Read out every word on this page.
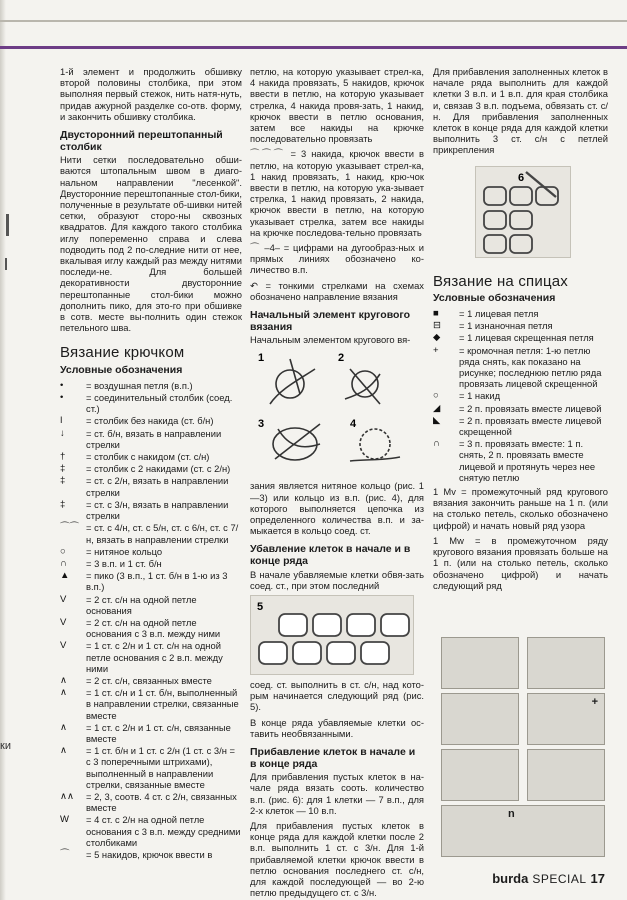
ки

1-й элемент и продолжить обшивку второй половины столбика, при этом выполняя первый стежок, нить натя-нуть, придав ажурной разделке со-отв. форму, и закончить обшивку столбика.

Двусторонний перештопанный столбик

Нити сетки последовательно обши-ваются штопальным швом в диаго-нальном направлении "лесенкой". Двусторонние перештопанные стол-бики, полученные в результате об-шивки нитей сетки, образуют сторо-ны сквозных квадратов. Для каждого такого столбика иглу попеременно справа и слева подводить под 2 по-следние нити от нее, вкалывая иглу каждый раз между нитями последи-не. Для большей декоративности двусторонние перештопанные стол-бики можно дополнить пико, для это-го при обшивке в сотв. месте вы-полнить один стежок петельного шва.

Вязание крючком
Условные обозначения
•	= воздушная петля (в.п.)
•	= соединительный столбик (соед. ст.)
ǀ	= столбик без накида (ст. б/н)
↓	= ст. б/н, вязать в направлении стрелки
†	= столбик с накидом (ст. с/н)
‡	= столбик с 2 накидами (ст. с 2/н)
‡	= ст. с 2/н, вязать в направлении стрелки
‡	= ст. с 3/н, вязать в направлении стрелки
⌒⌒ = ст. с 4/н, ст. с 5/н, ст. с 6/н, ст. с 7/н, вязать в направлении стрелки
○	= нитяное кольцо
∩	= 3 в.п. и 1 ст. б/н
▲	= пико (3 в.п., 1 ст. б/н в 1-ю из 3 в.п.)
V	= 2 ст. с/н на одной петле основания
V	= 2 ст. с/н на одной петле основания с 3 в.п. между ними
V	= 1 ст. с 2/н и 1 ст. с/н на одной петле основания с 2 в.п. между ними
∧	= 2 ст. с/н, связанных вместе
∧	= 1 ст. с/н и 1 ст. б/н, выполненный в направлении стрелки, связанные вместе
∧	= 1 ст. с 2/н и 1 ст. с/н, связанные вместе
∧	= 1 ст. б/н и 1 ст. с 2/н (1 ст. с 3/н = с 3 поперечными штрихами), выполненный в направлении стрелки, связанные вместе
∧∧	= 2, 3, соотв. 4 ст. с 2/н, связанных вместе
W	= 4 ст. с 2/н на одной петле основания с 3 в.п. между средними столбиками
⌒	= 5 накидов, крючок ввести в

петлю, на которую указывает стрел-ка, 4 накида провязать, 5 накидов, крючок ввести в петлю, на которую указывает стрелка, 4 накида провя-зать, 1 накид, крючок ввести в петлю основания, затем все накиды на крючке последовательно провязать

⌒⌒⌒ = 3 накида, крючок ввести в петлю, на которую указывает стрел-ка, 1 накид провязать, 1 накид, крю-чок ввести в петлю, на которую ука-зывает стрелка, 1 накид провязать, 2 накида, крючок ввести в петлю, на которую указывает стрелка, затем все накиды на крючке последова-тельно провязать

⌒ –4– = цифрами на дугообраз-ных и прямых линиях обозначено ко-личество в.п.

↶ = тонкими стрелками на схемах обозначено направление вязания

Начальный элемент кругового вязания

Начальным элементом кругового вя-

1	2
3	4

зания является нитяное кольцо (рис. 1—3) или кольцо из в.п. (рис. 4), для которого выполняется цепочка из определенного количества в.п. и за-мыкается в кольцо соед. ст.

Убавление клеток в начале и в конце ряда

В начале убавляемые клетки обвя-зать соед. ст., при этом последний

5

соед. ст. выполнить в ст. с/н, над кото-рым начинается следующий ряд (рис. 5).

В конце ряда убавляемые клетки ос-тавить необвязанными.

Прибавление клеток в начале и в конце ряда

Для прибавления пустых клеток в на-чале ряда вязать сооть. количество в.п. (рис. 6): для 1 клетки — 7 в.п., для 2-х клеток — 10 в.п.

Для прибавления пустых клеток в конце ряда для каждой клетки после 2 в.п. выполнить 1 ст. с 3/н. Для 1-й прибавляемой клетки крючок ввести в петлю основания последнего ст. с/н, для каждой последующей — во 2-ю петлю предыдущего ст. с 3/н.

Для прибавления заполненных клеток в начале ряда выполнить для каждой клетки 3 в.п. и 1 в.п. для края столбика и, связав 3 в.п. подъема, обвязать ст. с/н. Для прибавления заполненных клеток в конце ряда для каждой клетки выполнить 3 ст. с/н с петлей прикрепления

6
Вязание на спицах
Условные обозначения
■	= 1 лицевая петля
⊟	= 1 изнаночная петля
◆	= 1 лицевая скрещенная петля
+	= кромочная петля: 1-ю петлю ряда снять, как показано на рисунке; последнюю петлю ряда провязать лицевой скрещенной
○	= 1 накид
◢	= 2 п. провязать вместе лицевой
◣	= 2 п. провязать вместе лицевой скрещенной
∩	= 3 п. провязать вместе: 1 п. снять, 2 п. провязать вместе лицевой и протянуть через нее снятую петлю

1 Mv = промежуточный ряд кругового вязания закончить раньше на 1 п. (или на столько петель, сколько обозначено цифрой) и начать новый ряд узора

1 Mw = в промежуточном ряду кругового вязания провязать больше на 1 п. (или на столько петель, сколько обозначено цифрой) и начать следующий ряд

+
n
burda SPECIAL 17
